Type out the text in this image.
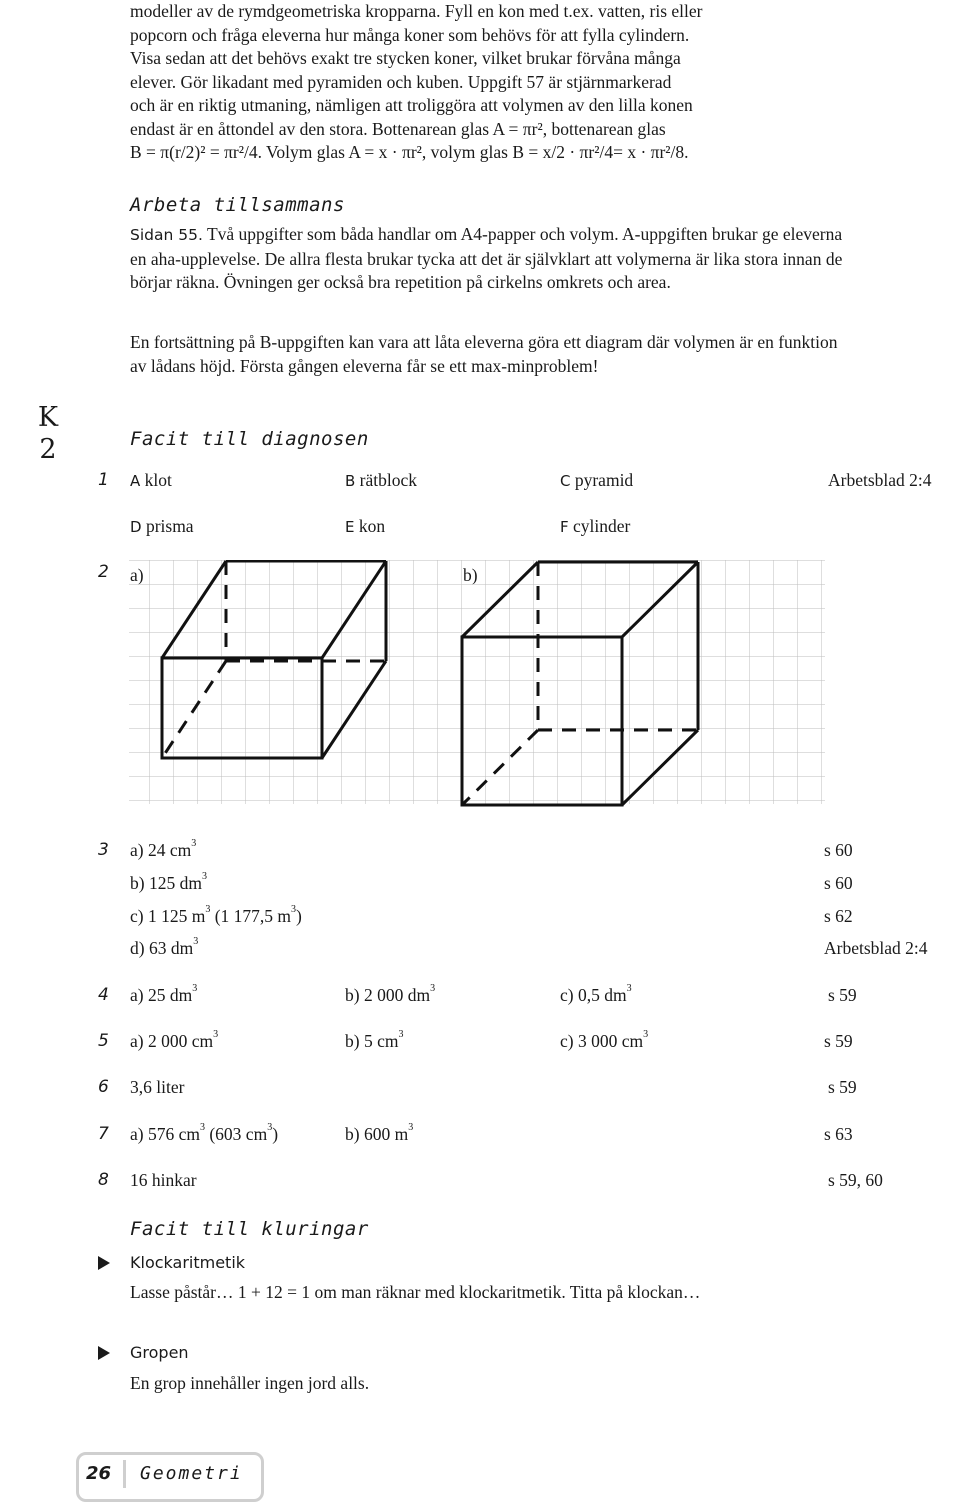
modeller av de rymdgeometriska kropparna. Fyll en kon med t.ex. vatten, ris eller

popcorn och fråga eleverna hur många koner som behövs för att fylla cylindern.

Visa sedan att det behövs exakt tre stycken koner, vilket brukar förvåna många

elever. Gör likadant med pyramiden och kuben. Uppgift 57 är stjärnmarkerad

och är en riktig utmaning, nämligen att troliggöra att volymen av den lilla konen

endast är en åttondel av den stora. Bottenarean glas A = πr², bottenarean glas

B = π(r/2)² = πr²/4. Volym glas A = x · πr², volym glas B = x/2 · πr²/4= x · πr²/8.

Arbeta tillsammans
Sidan 55. Två uppgifter som båda handlar om A4-papper och volym. A-uppgiften brukar ge eleverna en aha-upplevelse. De allra flesta brukar tycka att det är självklart att volymerna är lika stora innan de börjar räkna. Övningen ger också bra repetition på cirkelns omkrets och area.
En fortsättning på B-uppgiften kan vara att låta eleverna göra ett diagram där volymen är en funktion av lådans höjd. Första gången eleverna får se ett max-minproblem!
K
2	Facit till diagnosen
1 A klot	B rätblock	C pyramid	Arbetsblad 2:4
D prisma	E kon	F cylinder
2
3 a) 24 $cm^3$	s 60
b) 125 $dm^3$	s 60
c) 1 125 $m^3$ (1 177,5 $m^3$)	s 62
d) 63 $dm^3$	Arbetsblad 2:4
4 a) 25 $dm^3$	b) 2 000 $dm^3$	c) 0,5 $dm^3$	s 59
5 a) 2 000 $cm^3$	b) 5 $cm^3$	c) 3 000 $cm^3$	s 59
6 3,6 liter	s 59
7 a) 576 $cm^3$ (603 $cm^3$)	b) 600 $m^3$	s 63
8 16 hinkar	s 59, 60
Facit till kluringar
Klockaritmetik
Lasse påstår… 1 + 12 = 1 om man räknar med klockaritmetik. Titta på klockan…
Gropen
En grop innehåller ingen jord alls.
26	Geometri
